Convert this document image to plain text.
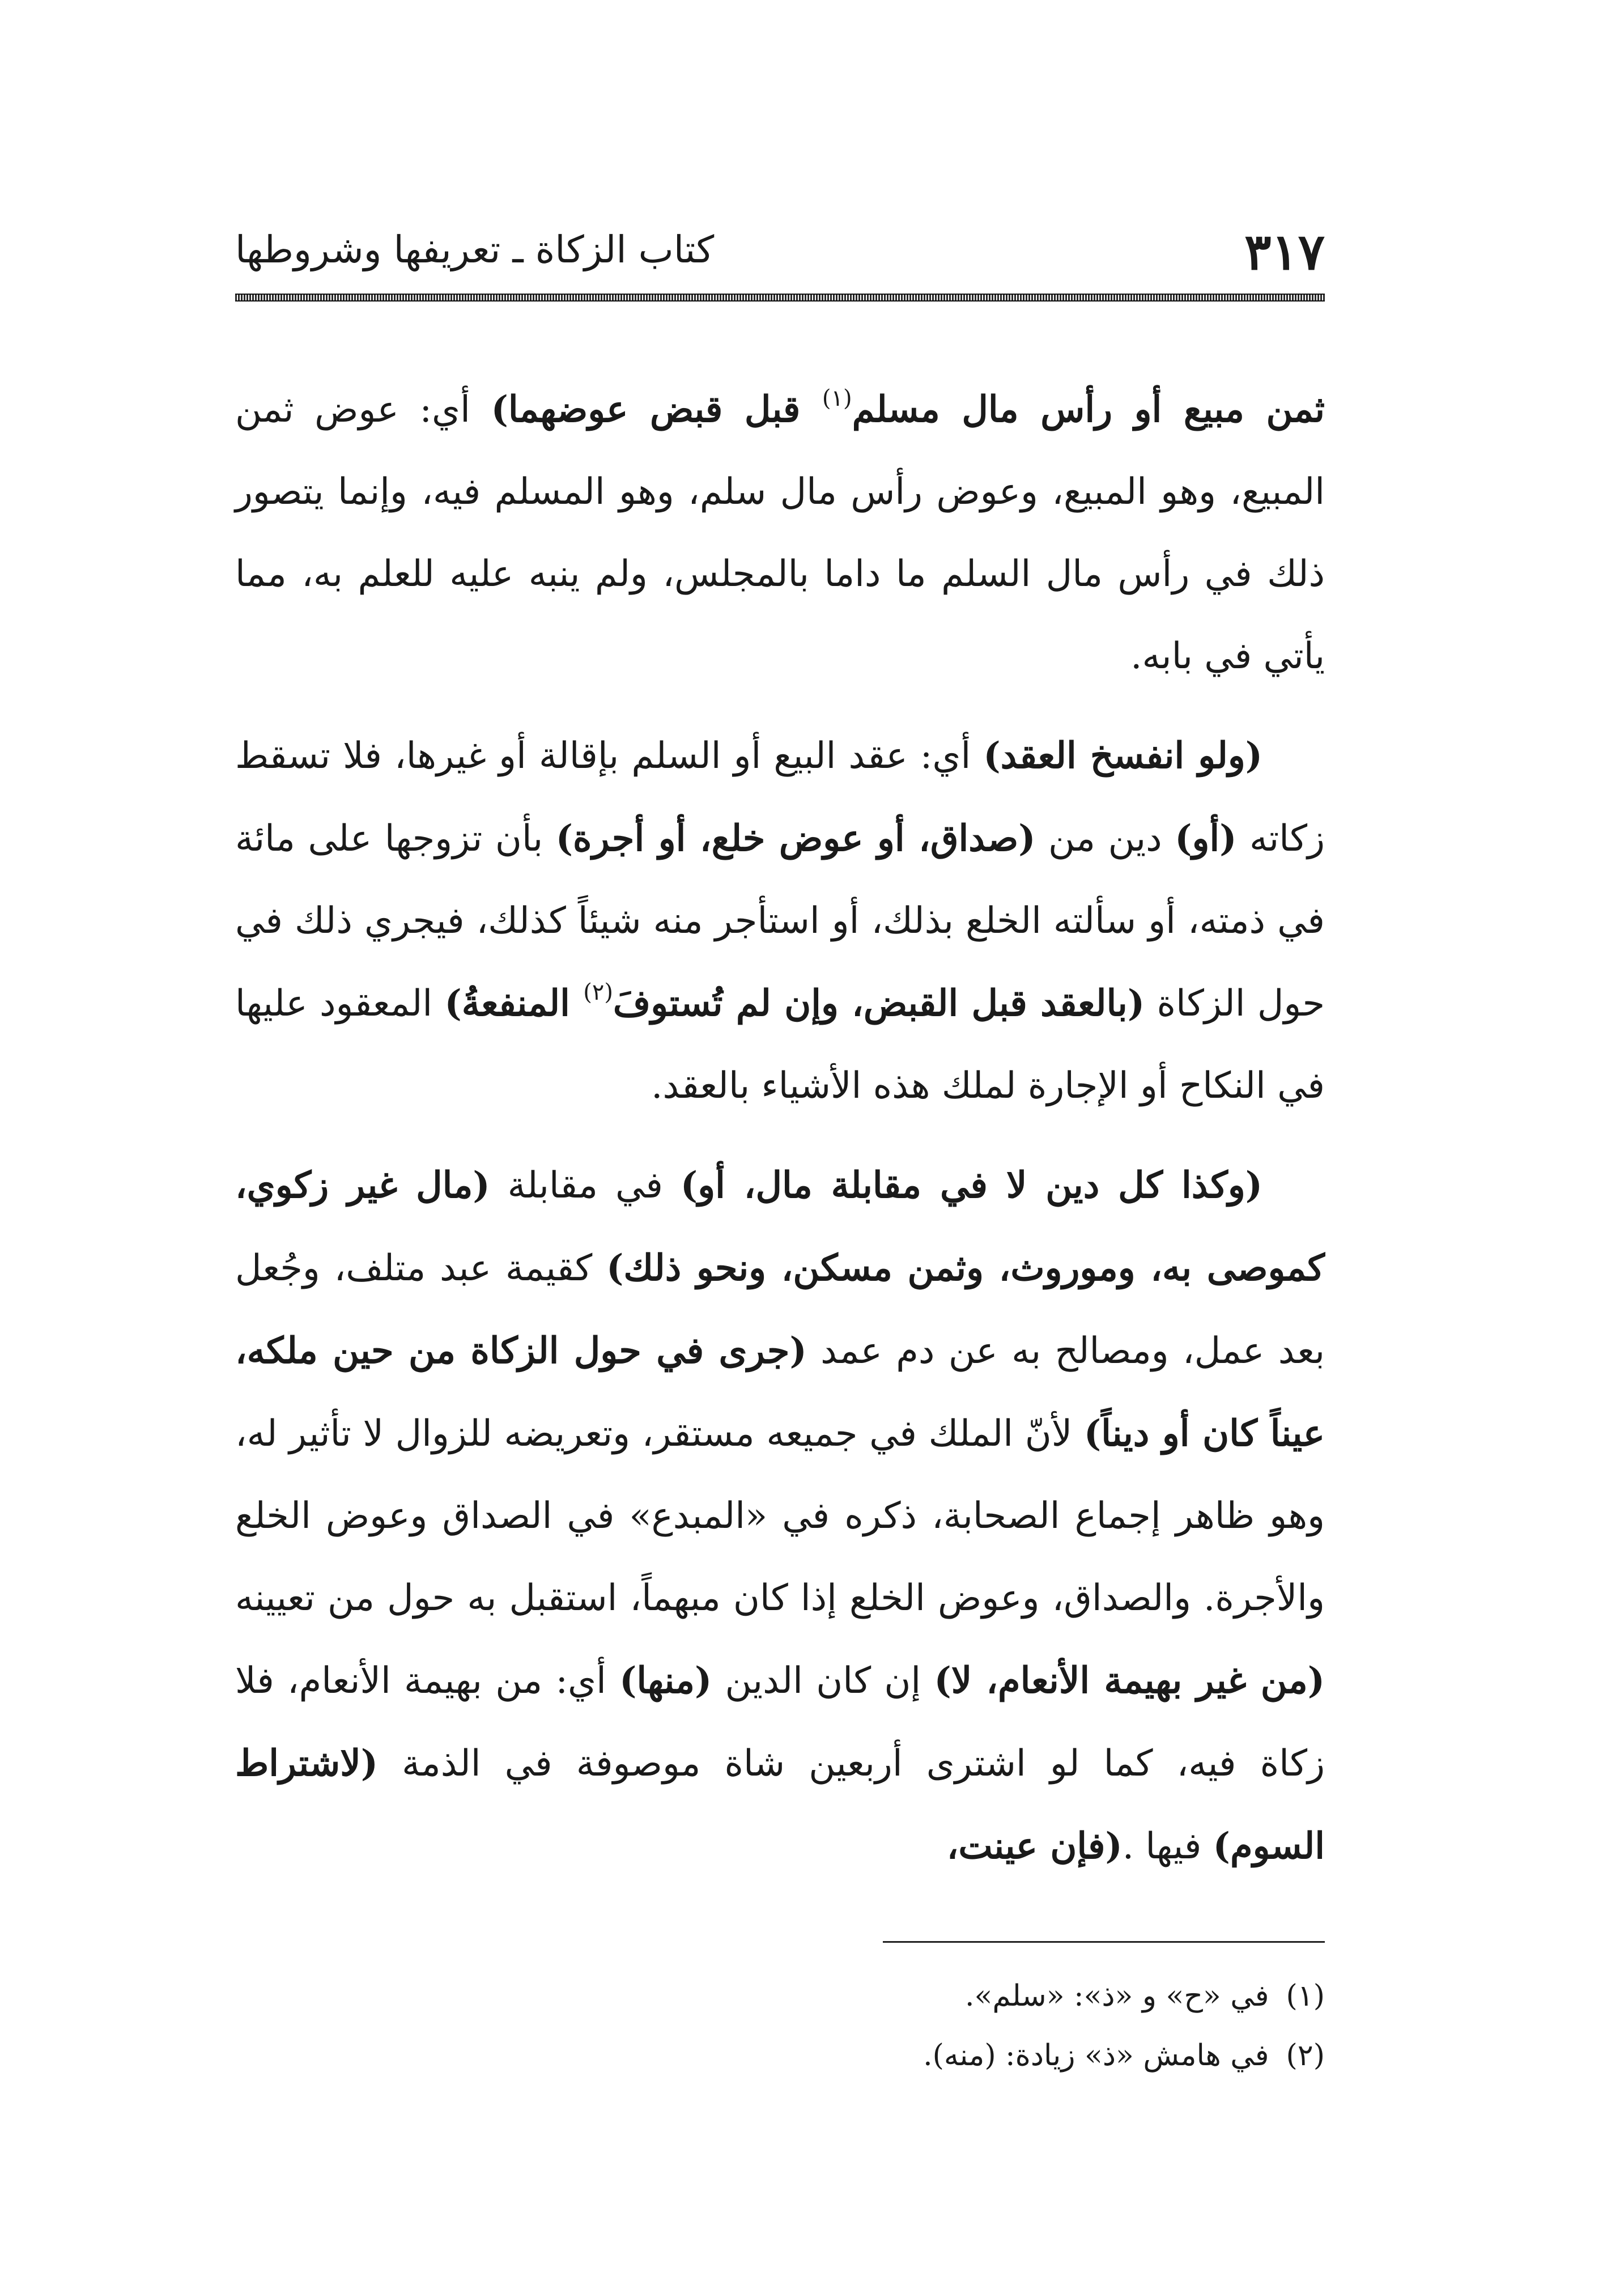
٣١٧
كتاب الزكاة ـ تعريفها وشروطها

ثمن مبيع أو رأس مال مسلم$^{(١)}$ قبل قبض عوضهما) أي: عوض ثمن المبيع، وهو المبيع، وعوض رأس مال سلم، وهو المسلم فيه، وإنما يتصور ذلك في رأس مال السلم ما داما بالمجلس، ولم ينبه عليه للعلم به، مما يأتي في بابه.

(ولو انفسخ العقد) أي: عقد البيع أو السلم بإقالة أو غيرها، فلا تسقط زكاته (أو) دين من (صداق، أو عوض خلع، أو أجرة) بأن تزوجها على مائة في ذمته، أو سألته الخلع بذلك، أو استأجر منه شيئاً كذلك، فيجري ذلك في حول الزكاة (بالعقد قبل القبض، وإن لم تُستوفَ$^{(٢)}$ المنفعةُ) المعقود عليها في النكاح أو الإجارة لملك هذه الأشياء بالعقد.

(وكذا كل دين لا في مقابلة مال، أو) في مقابلة (مال غير زكوي، كموصى به، وموروث، وثمن مسكن، ونحو ذلك) كقيمة عبد متلف، وجُعل بعد عمل، ومصالح به عن دم عمد (جرى في حول الزكاة من حين ملكه، عيناً كان أو ديناً) لأنّ الملك في جميعه مستقر، وتعريضه للزوال لا تأثير له، وهو ظاهر إجماع الصحابة، ذكره في «المبدع» في الصداق وعوض الخلع والأجرة. والصداق، وعوض الخلع إذا كان مبهماً، استقبل به حول من تعيينه (من غير بهيمة الأنعام، لا) إن كان الدين (منها) أي: من بهيمة الأنعام، فلا زكاة فيه، كما لو اشترى أربعين شاة موصوفة في الذمة (لاشتراط السوم) فيها .(فإن عينت،

(١)في «ح» و «ذ»: «سلم».
(٢)في هامش «ذ» زيادة: (منه).
